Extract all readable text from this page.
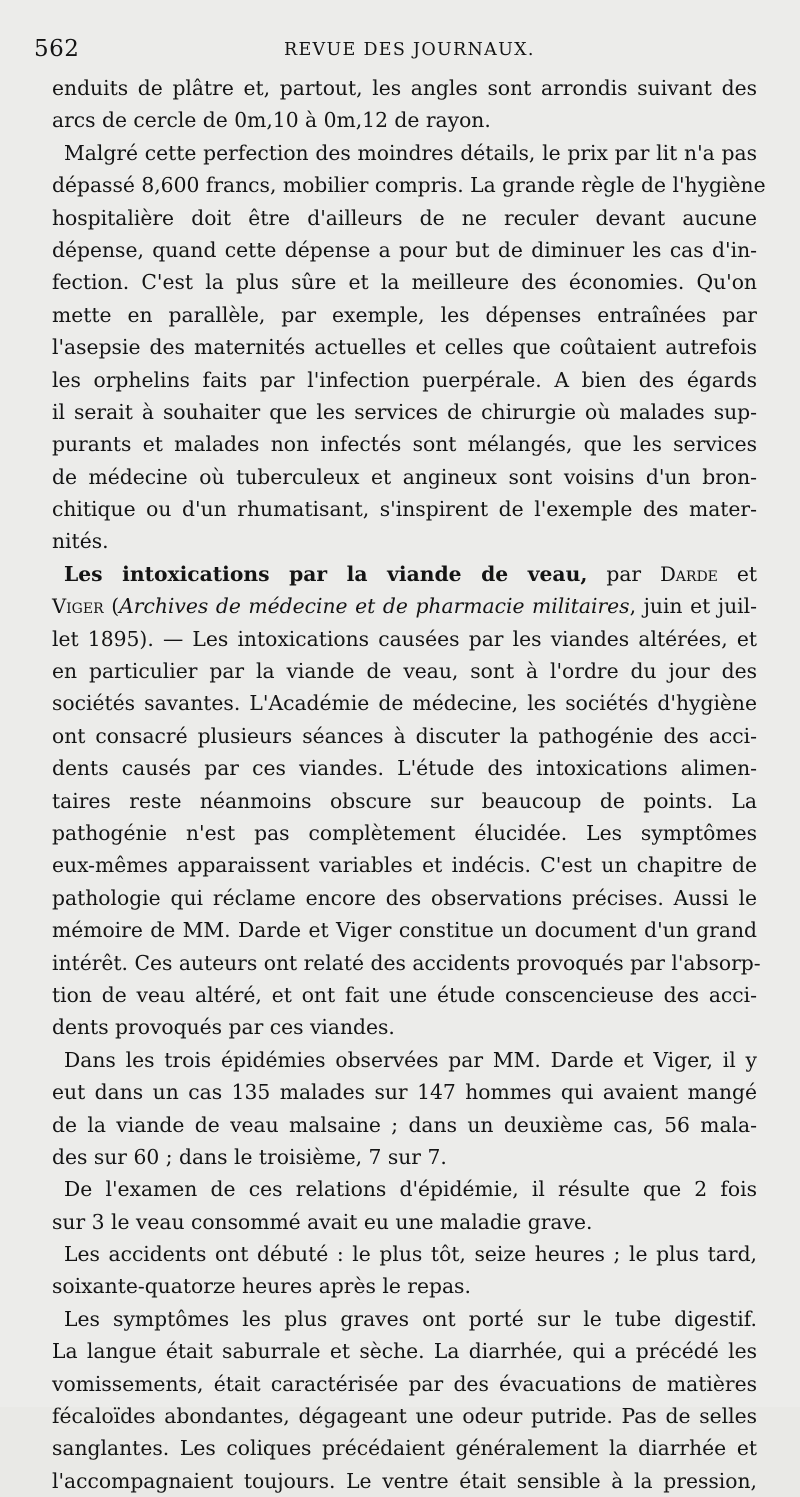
562	REVUE DES JOURNAUX.
enduits de plâtre et, partout, les angles sont arrondis suivant des
arcs de cercle de 0m,10 à 0m,12 de rayon.
Malgré cette perfection des moindres détails, le prix par lit n'a pas
dépassé 8,600 francs, mobilier compris. La grande règle de l'hygiène
hospitalière doit être d'ailleurs de ne reculer devant aucune
dépense, quand cette dépense a pour but de diminuer les cas d'in-
fection. C'est la plus sûre et la meilleure des économies. Qu'on
mette en parallèle, par exemple, les dépenses entraînées par
l'asepsie des maternités actuelles et celles que coûtaient autrefois
les orphelins faits par l'infection puerpérale. A bien des égards
il serait à souhaiter que les services de chirurgie où malades sup-
purants et malades non infectés sont mélangés, que les services
de médecine où tuberculeux et angineux sont voisins d'un bron-
chitique ou d'un rhumatisant, s'inspirent de l'exemple des mater-
nités.
Les intoxications par la viande de veau, par Darde et
Viger (Archives de médecine et de pharmacie militaires, juin et juil-
let 1895). — Les intoxications causées par les viandes altérées, et
en particulier par la viande de veau, sont à l'ordre du jour des
sociétés savantes. L'Académie de médecine, les sociétés d'hygiène
ont consacré plusieurs séances à discuter la pathogénie des acci-
dents causés par ces viandes. L'étude des intoxications alimen-
taires reste néanmoins obscure sur beaucoup de points. La
pathogénie n'est pas complètement élucidée. Les symptômes
eux-mêmes apparaissent variables et indécis. C'est un chapitre de
pathologie qui réclame encore des observations précises. Aussi le
mémoire de MM. Darde et Viger constitue un document d'un grand
intérêt. Ces auteurs ont relaté des accidents provoqués par l'absorp-
tion de veau altéré, et ont fait une étude conscencieuse des acci-
dents provoqués par ces viandes.
Dans les trois épidémies observées par MM. Darde et Viger, il y
eut dans un cas 135 malades sur 147 hommes qui avaient mangé
de la viande de veau malsaine ; dans un deuxième cas, 56 mala-
des sur 60 ; dans le troisième, 7 sur 7.
De l'examen de ces relations d'épidémie, il résulte que 2 fois
sur 3 le veau consommé avait eu une maladie grave.
Les accidents ont débuté : le plus tôt, seize heures ; le plus tard,
soixante-quatorze heures après le repas.
Les symptômes les plus graves ont porté sur le tube digestif.
La langue était saburrale et sèche. La diarrhée, qui a précédé les
vomissements, était caractérisée par des évacuations de matières
fécaloïdes abondantes, dégageant une odeur putride. Pas de selles
sanglantes. Les coliques précédaient généralement la diarrhée et
l'accompagnaient toujours. Le ventre était sensible à la pression,
